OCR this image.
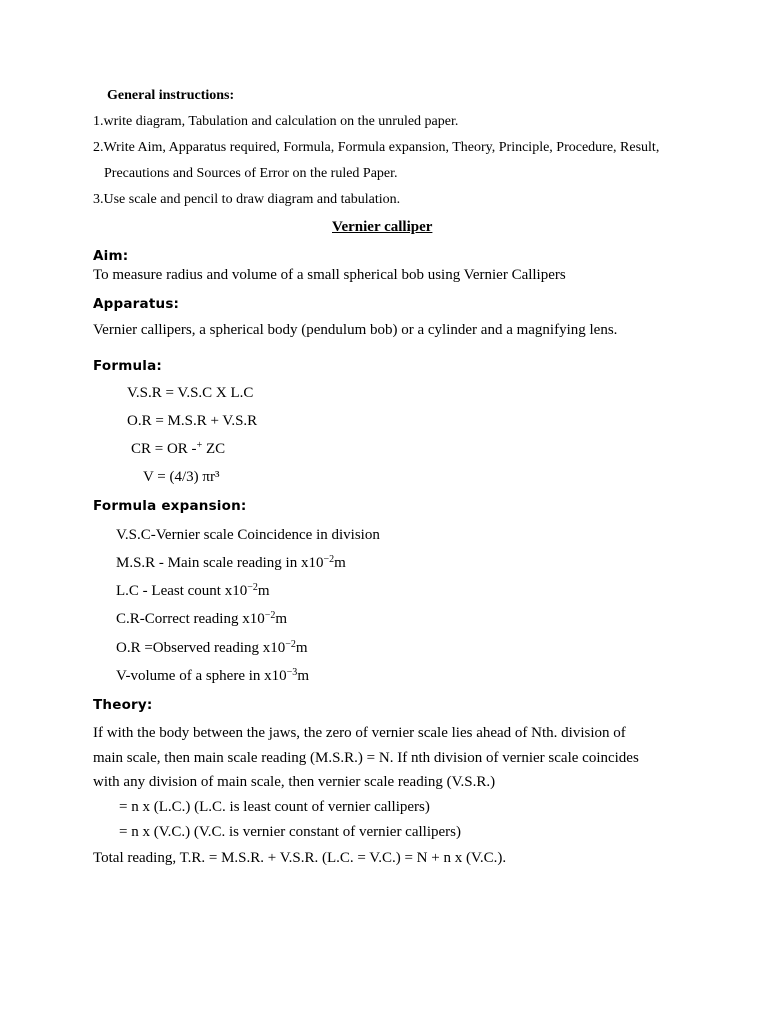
General instructions:
1.write diagram, Tabulation and calculation on the unruled paper.
2.Write Aim, Apparatus required, Formula, Formula expansion, Theory, Principle, Procedure, Result,
Precautions and Sources of Error on the ruled Paper.
3.Use scale and pencil to draw diagram and tabulation.
Vernier calliper
Aim:
To measure radius and volume of a small spherical bob using Vernier Callipers
Apparatus:
Vernier callipers, a spherical body (pendulum bob) or a cylinder and a magnifying lens.
Formula:
V.S.R = V.S.C X L.C
O.R = M.S.R + V.S.R
CR = OR -+ ZC
V = (4/3) πr³
Formula expansion:
V.S.C-Vernier scale Coincidence in division
M.S.R - Main scale reading in $x10^{-2}m$
L.C - Least count $x10^{-2}m$
C.R-Correct reading $x10^{-2}m$
O.R =Observed reading $x10^{-2}m$
V-volume of a sphere in $x10^{-3}m$
Theory:
If with the body between the jaws, the zero of vernier scale lies ahead of Nth. division of
main scale, then main scale reading (M.S.R.) = N. If nth division of vernier scale coincides
with any division of main scale, then vernier scale reading (V.S.R.)
= n x (L.C.) (L.C. is least count of vernier callipers)
= n x (V.C.) (V.C. is vernier constant of vernier callipers)
Total reading, T.R. = M.S.R. + V.S.R. (L.C. = V.C.) = N + n x (V.C.).
